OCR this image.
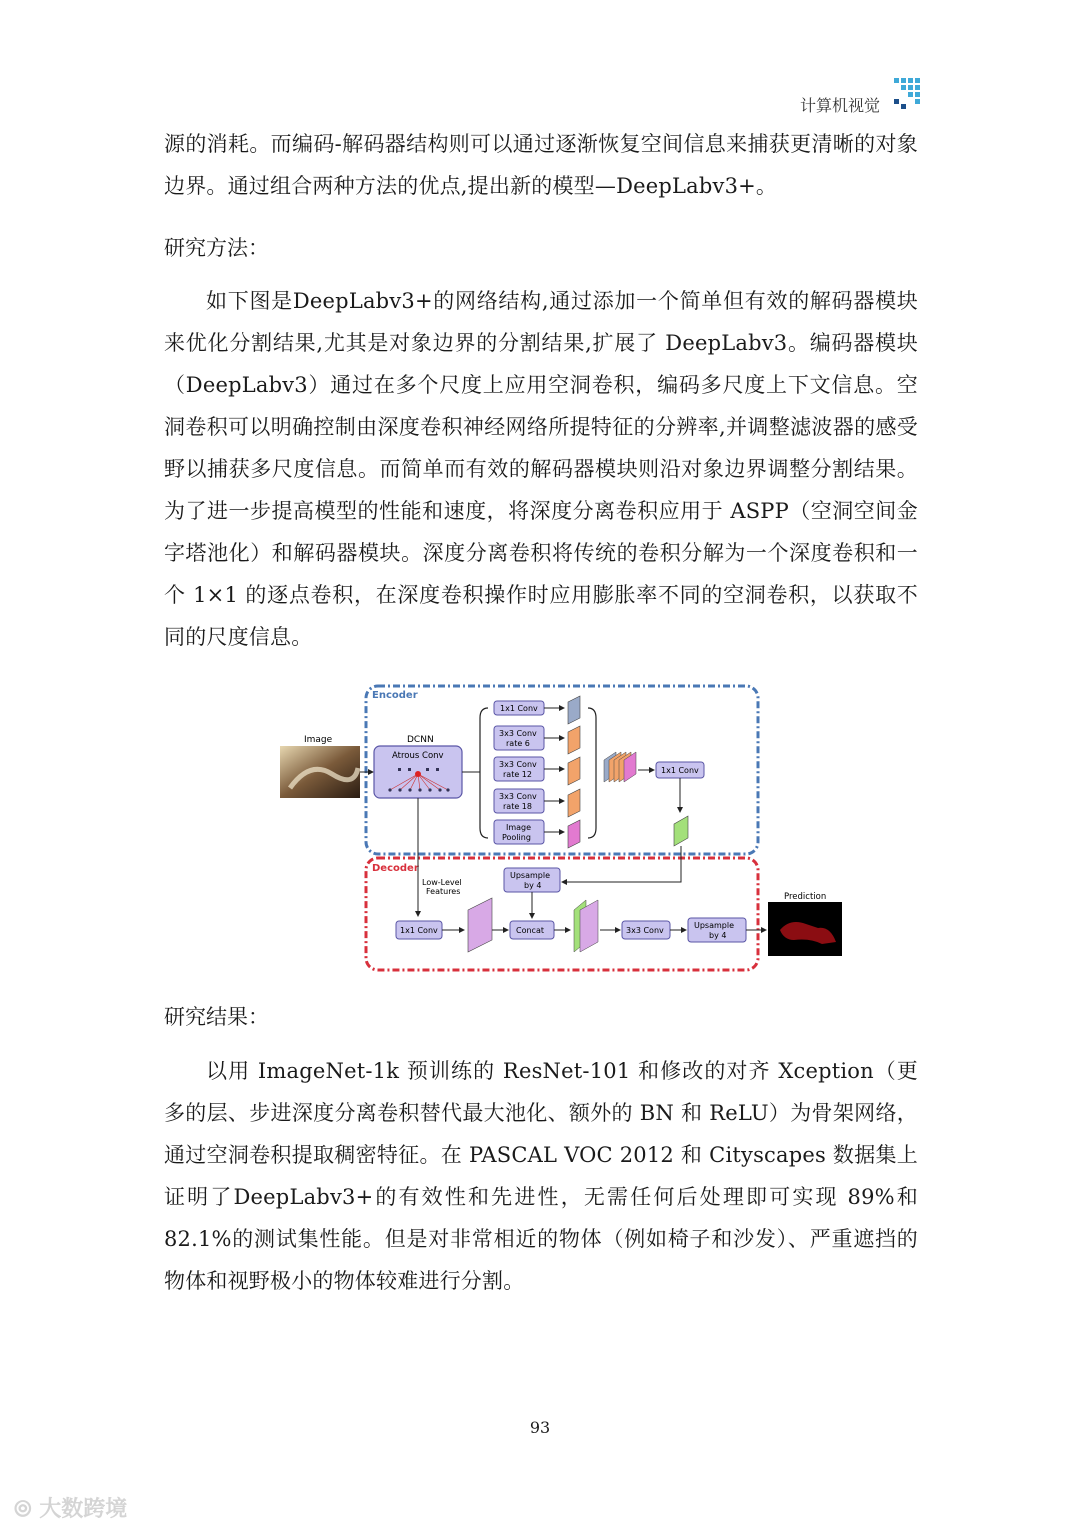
计算机视觉

源的消耗。而编码-解码器结构则可以通过逐渐恢复空间信息来捕获更清晰的对象边界。通过组合两种方法的优点,提出新的模型—DeepLabv3+。

研究方法：

如下图是DeepLabv3+的网络结构,通过添加一个简单但有效的解码器模块来优化分割结果,尤其是对象边界的分割结果,扩展了 DeepLabv3。编码器模块（DeepLabv3）通过在多个尺度上应用空洞卷积，编码多尺度上下文信息。空洞卷积可以明确控制由深度卷积神经网络所提特征的分辨率,并调整滤波器的感受野以捕获多尺度信息。而简单而有效的解码器模块则沿对象边界调整分割结果。为了进一步提高模型的性能和速度，将深度分离卷积应用于 ASPP（空洞空间金字塔池化）和解码器模块。深度分离卷积将传统的卷积分解为一个深度卷积和一个 1×1 的逐点卷积，在深度卷积操作时应用膨胀率不同的空洞卷积，以获取不同的尺度信息。

Encoder
Decoder
Image	DCNN
Atrous Conv
1x1 Conv
3x3 Conv
rate 6
3x3 Conv
rate 12
3x3 Conv
rate 18
Image
Pooling
1x1 Conv
Upsample
by 4
Low-Level
Features
1x1 Conv	Concat	3x3 Conv
Upsample
by 4
Prediction

研究结果：

以用 ImageNet-1k 预训练的 ResNet-101 和修改的对齐 Xception（更多的层、步进深度分离卷积替代最大池化、额外的 BN 和 ReLU）为骨架网络，通过空洞卷积提取稠密特征。在 PASCAL VOC 2012 和 Cityscapes 数据集上证明了DeepLabv3+的有效性和先进性，无需任何后处理即可实现 89%和 82.1%的测试集性能。但是对非常相近的物体（例如椅子和沙发）、严重遮挡的物体和视野极小的物体较难进行分割。

93
⦾ 大数跨境
